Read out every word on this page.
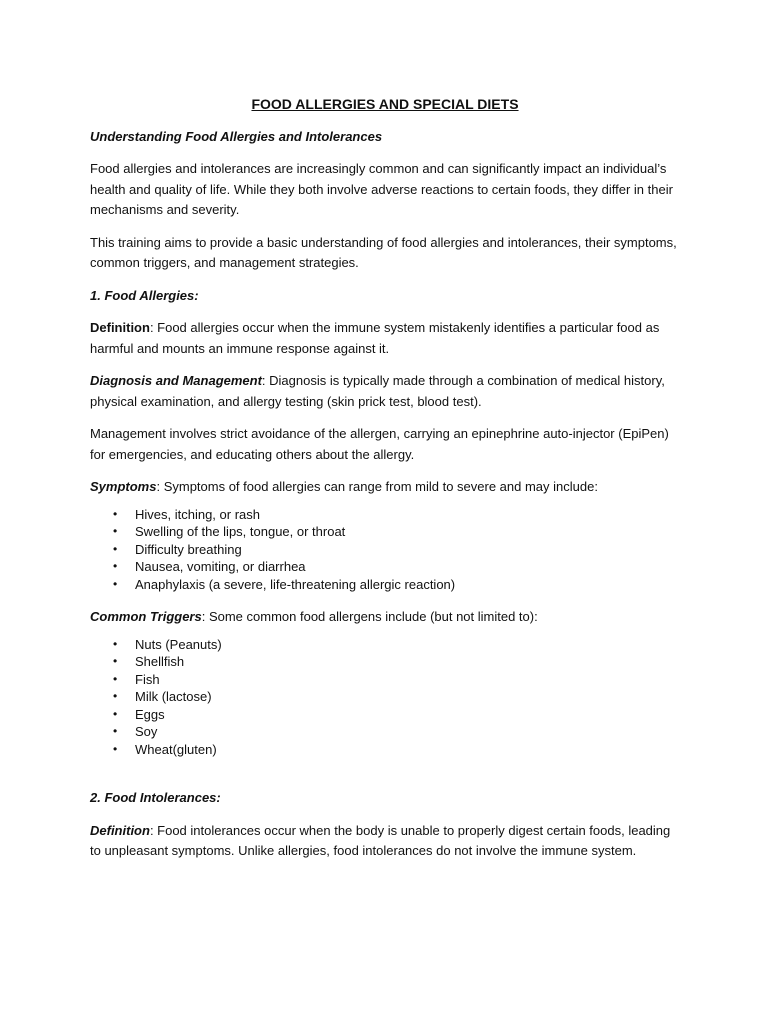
FOOD ALLERGIES AND SPECIAL DIETS

Understanding Food Allergies and Intolerances

Food allergies and intolerances are increasingly common and can significantly impact an individual’s health and quality of life. While they both involve adverse reactions to certain foods, they differ in their mechanisms and severity.

This training aims to provide a basic understanding of food allergies and intolerances, their symptoms, common triggers, and management strategies.

1. Food Allergies:

Definition: Food allergies occur when the immune system mistakenly identifies a particular food as harmful and mounts an immune response against it.

Diagnosis and Management: Diagnosis is typically made through a combination of medical history, physical examination, and allergy testing (skin prick test, blood test).

Management involves strict avoidance of the allergen, carrying an epinephrine auto-injector (EpiPen) for emergencies, and educating others about the allergy.

Symptoms: Symptoms of food allergies can range from mild to severe and may include:

• Hives, itching, or rash
• Swelling of the lips, tongue, or throat
• Difficulty breathing
• Nausea, vomiting, or diarrhea
• Anaphylaxis (a severe, life-threatening allergic reaction)

Common Triggers: Some common food allergens include (but not limited to):

• Nuts (Peanuts)
• Shellfish
• Fish
• Milk (lactose)
• Eggs
• Soy
• Wheat(gluten)

2. Food Intolerances:

Definition: Food intolerances occur when the body is unable to properly digest certain foods, leading to unpleasant symptoms. Unlike allergies, food intolerances do not involve the immune system.
